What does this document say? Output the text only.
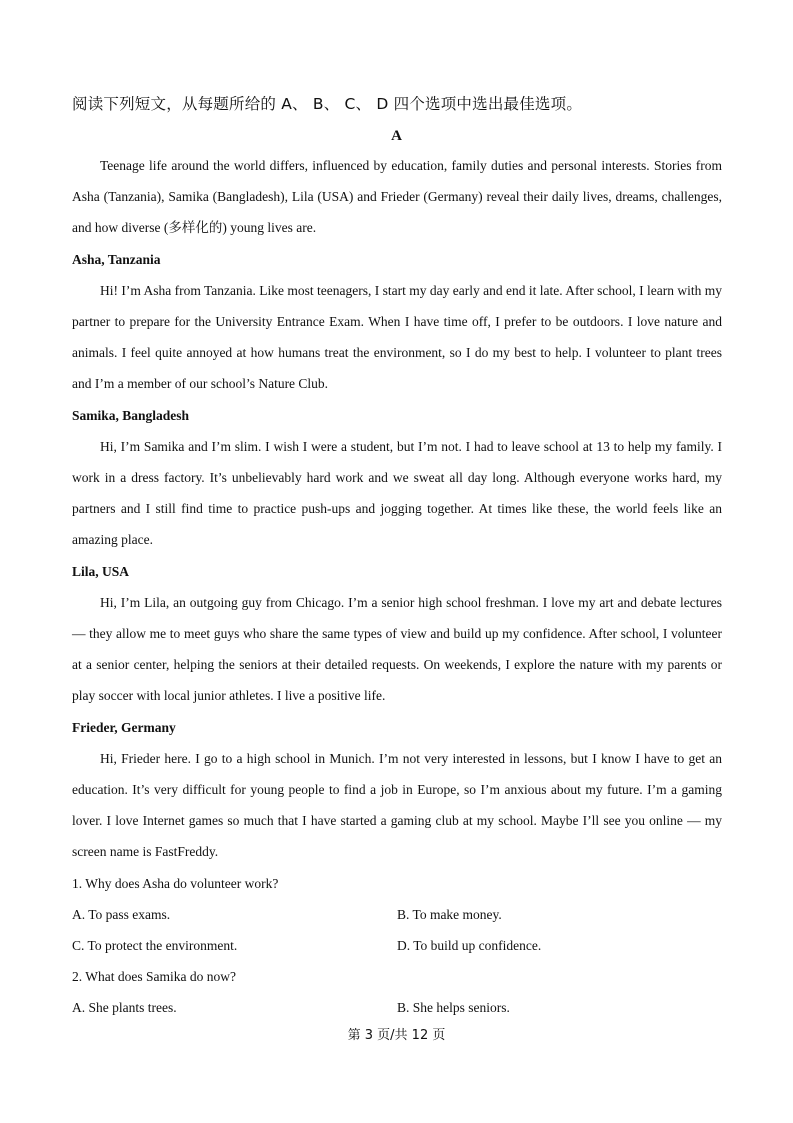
阅读下列短文，从每题所给的 A、 B、 C、 D 四个选项中选出最佳选项。
A

Teenage life around the world differs, influenced by education, family duties and personal interests. Stories from Asha (Tanzania), Samika (Bangladesh), Lila (USA) and Frieder (Germany) reveal their daily lives, dreams, challenges, and how diverse (多样化的) young lives are.

Asha, Tanzania

Hi! I’m Asha from Tanzania. Like most teenagers, I start my day early and end it late. After school, I learn with my partner to prepare for the University Entrance Exam. When I have time off, I prefer to be outdoors. I love nature and animals. I feel quite annoyed at how humans treat the environment, so I do my best to help. I volunteer to plant trees and I’m a member of our school’s Nature Club.

Samika, Bangladesh

Hi, I’m Samika and I’m slim. I wish I were a student, but I’m not. I had to leave school at 13 to help my family. I work in a dress factory. It’s unbelievably hard work and we sweat all day long. Although everyone works hard, my partners and I still find time to practice push-ups and jogging together. At times like these, the world feels like an amazing place.

Lila, USA

Hi, I’m Lila, an outgoing guy from Chicago. I’m a senior high school freshman. I love my art and debate lectures — they allow me to meet guys who share the same types of view and build up my confidence. After school, I volunteer at a senior center, helping the seniors at their detailed requests. On weekends, I explore the nature with my parents or play soccer with local junior athletes. I live a positive life.

Frieder, Germany

Hi, Frieder here. I go to a high school in Munich. I’m not very interested in lessons, but I know I have to get an education. It’s very difficult for young people to find a job in Europe, so I’m anxious about my future. I’m a gaming lover. I love Internet games so much that I have started a gaming club at my school. Maybe I’ll see you online — my screen name is FastFreddy.

1. Why does Asha do volunteer work?

A. To pass exams.	B. To make money.
C. To protect the environment.	D. To build up confidence.

2. What does Samika do now?

A. She plants trees.	B. She helps seniors.
第 3 页/共 12 页
